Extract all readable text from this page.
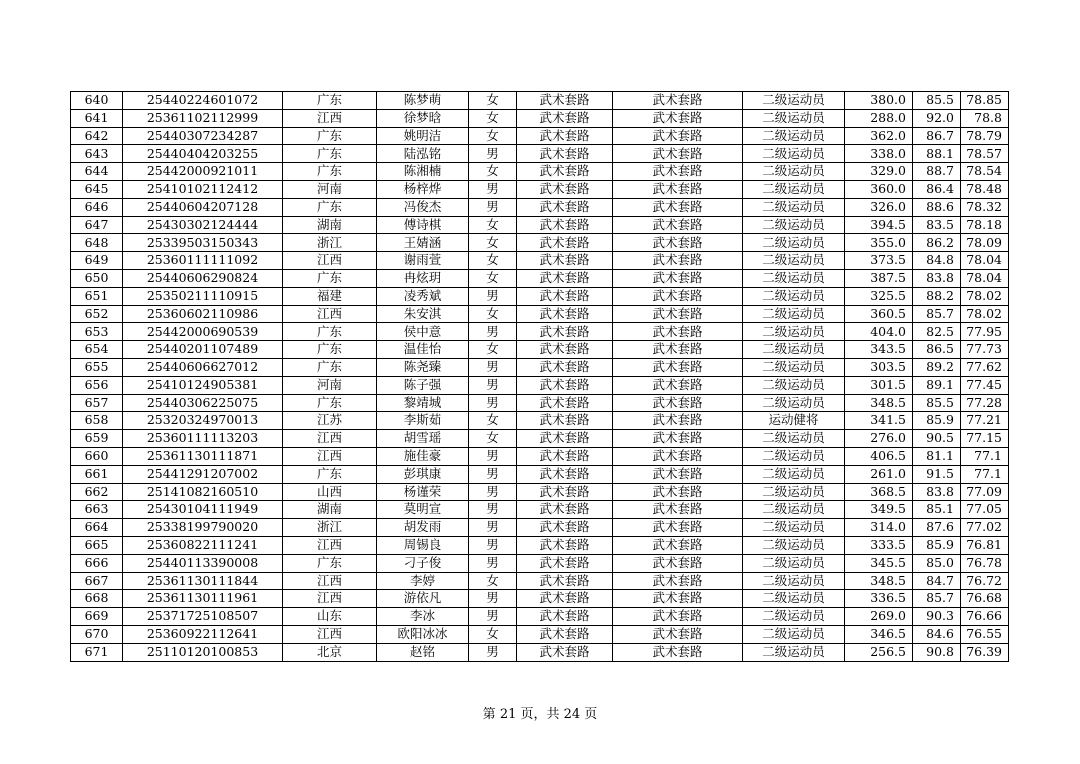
640	25440224601072	广东	陈梦萌	女	武术套路	武术套路	二级运动员	380.0	85.5	78.85
641	25361102112999	江西	徐梦晗	女	武术套路	武术套路	二级运动员	288.0	92.0	78.8
642	25440307234287	广东	姚明洁	女	武术套路	武术套路	二级运动员	362.0	86.7	78.79
643	25440404203255	广东	陆泓铭	男	武术套路	武术套路	二级运动员	338.0	88.1	78.57
644	25442000921011	广东	陈湘楠	女	武术套路	武术套路	二级运动员	329.0	88.7	78.54
645	25410102112412	河南	杨梓烨	男	武术套路	武术套路	二级运动员	360.0	86.4	78.48
646	25440604207128	广东	冯俊杰	男	武术套路	武术套路	二级运动员	326.0	88.6	78.32
647	25430302124444	湖南	傅诗棋	女	武术套路	武术套路	二级运动员	394.5	83.5	78.18
648	25339503150343	浙江	王婧涵	女	武术套路	武术套路	二级运动员	355.0	86.2	78.09
649	25360111111092	江西	谢雨萱	女	武术套路	武术套路	二级运动员	373.5	84.8	78.04
650	25440606290824	广东	冉炫玥	女	武术套路	武术套路	二级运动员	387.5	83.8	78.04
651	25350211110915	福建	凌秀斌	男	武术套路	武术套路	二级运动员	325.5	88.2	78.02
652	25360602110986	江西	朱安淇	女	武术套路	武术套路	二级运动员	360.5	85.7	78.02
653	25442000690539	广东	侯中意	男	武术套路	武术套路	二级运动员	404.0	82.5	77.95
654	25440201107489	广东	温佳怡	女	武术套路	武术套路	二级运动员	343.5	86.5	77.73
655	25440606627012	广东	陈尧臻	男	武术套路	武术套路	二级运动员	303.5	89.2	77.62
656	25410124905381	河南	陈子强	男	武术套路	武术套路	二级运动员	301.5	89.1	77.45
657	25440306225075	广东	黎靖城	男	武术套路	武术套路	二级运动员	348.5	85.5	77.28
658	25320324970013	江苏	李斯茹	女	武术套路	武术套路	运动健将	341.5	85.9	77.21
659	25360111113203	江西	胡雪瑶	女	武术套路	武术套路	二级运动员	276.0	90.5	77.15
660	25361130111871	江西	施佳豪	男	武术套路	武术套路	二级运动员	406.5	81.1	77.1
661	25441291207002	广东	彭琪康	男	武术套路	武术套路	二级运动员	261.0	91.5	77.1
662	25141082160510	山西	杨谨荣	男	武术套路	武术套路	二级运动员	368.5	83.8	77.09
663	25430104111949	湖南	莫明宣	男	武术套路	武术套路	二级运动员	349.5	85.1	77.05
664	25338199790020	浙江	胡发雨	男	武术套路	武术套路	二级运动员	314.0	87.6	77.02
665	25360822111241	江西	周锡良	男	武术套路	武术套路	二级运动员	333.5	85.9	76.81
666	25440113390008	广东	刁子俊	男	武术套路	武术套路	二级运动员	345.5	85.0	76.78
667	25361130111844	江西	李婷	女	武术套路	武术套路	二级运动员	348.5	84.7	76.72
668	25361130111961	江西	游依凡	男	武术套路	武术套路	二级运动员	336.5	85.7	76.68
669	25371725108507	山东	李冰	男	武术套路	武术套路	二级运动员	269.0	90.3	76.66
670	25360922112641	江西	欧阳冰冰	女	武术套路	武术套路	二级运动员	346.5	84.6	76.55
671	25110120100853	北京	赵铭	男	武术套路	武术套路	二级运动员	256.5	90.8	76.39
第 21 页，共 24 页
